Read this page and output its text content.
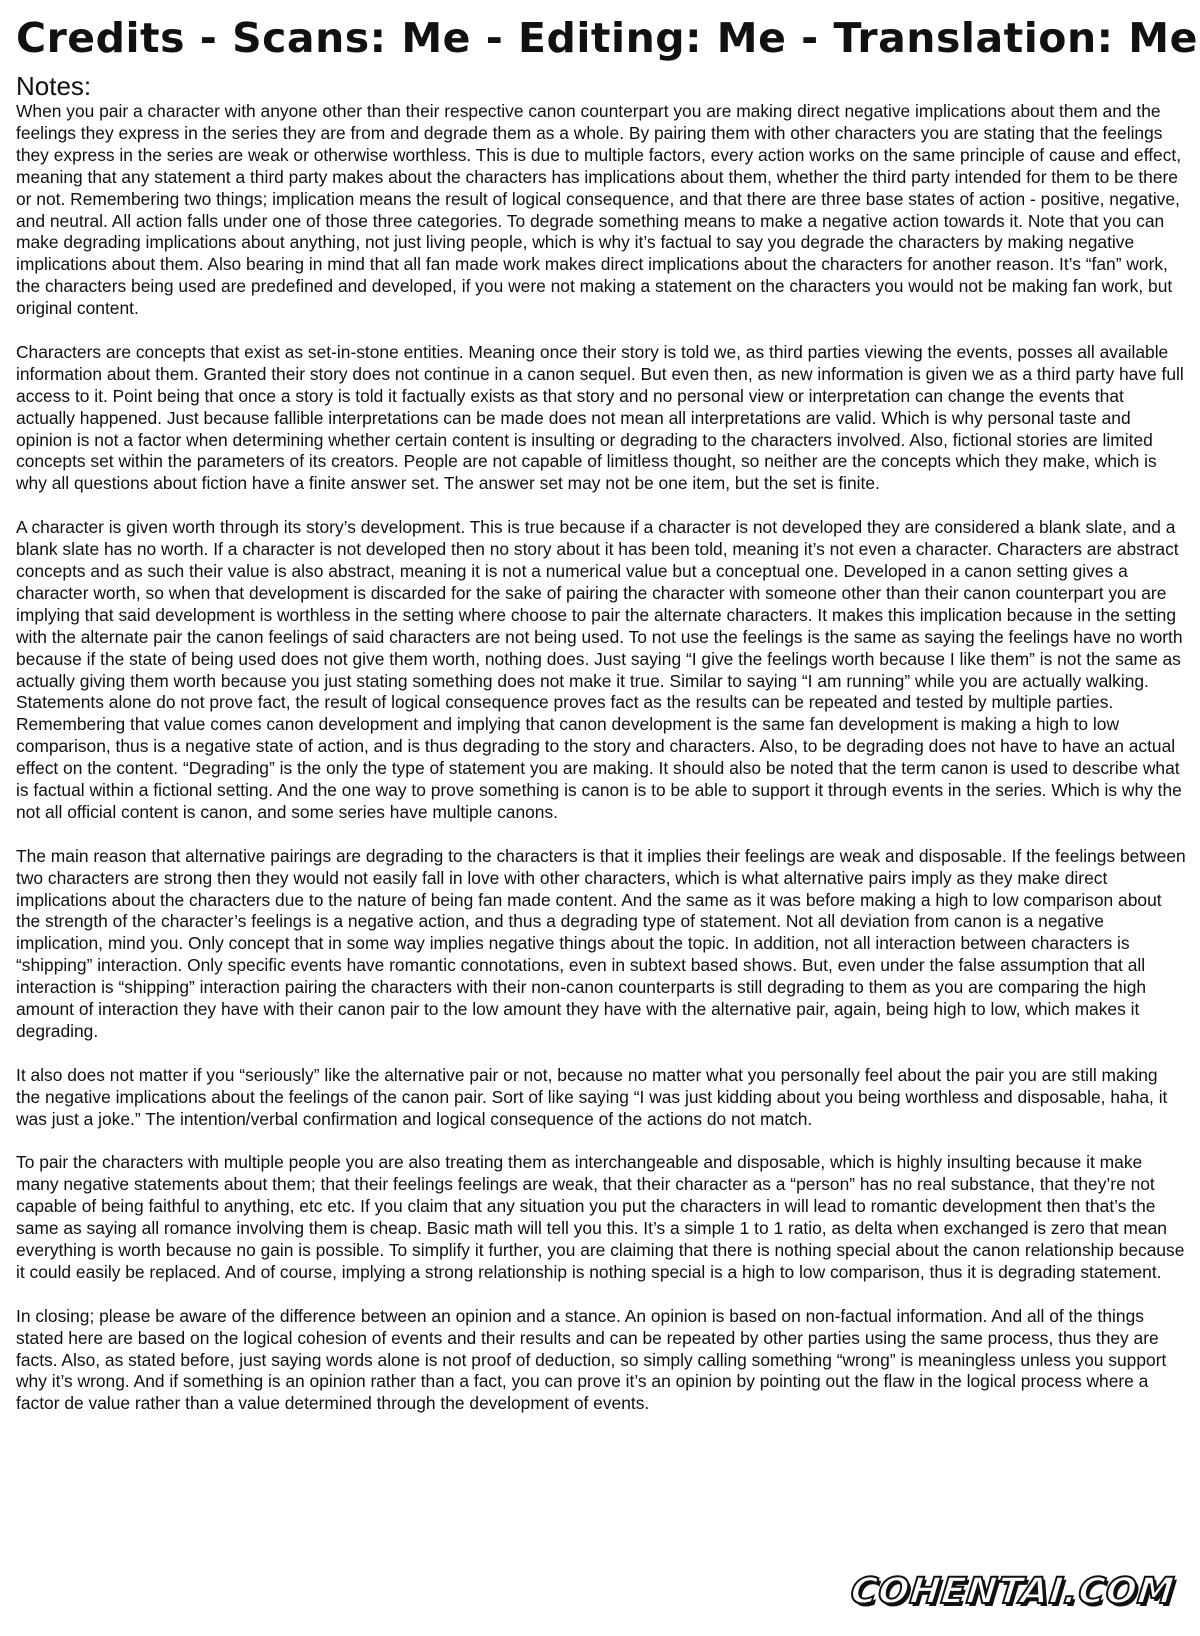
Credits - Scans: Me - Editing: Me - Translation: Me
Notes:

When you pair a character with anyone other than their respective canon counterpart you are making direct negative implications about them and the feelings they express in the series they are from and degrade them as a whole. By pairing them with other characters you are stating that the feelings they express in the series are weak or otherwise worthless. This is due to multiple factors, every action works on the same principle of cause and effect, meaning that any statement a third party makes about the characters has implications about them, whether the third party intended for them to be there or not. Remembering two things; implication means the result of logical consequence, and that there are three base states of action - positive, negative, and neutral. All action falls under one of those three categories. To degrade something means to make a negative action towards it. Note that you can make degrading implications about anything, not just living people, which is why it’s factual to say you degrade the characters by making negative implications about them. Also bearing in mind that all fan made work makes direct implications about the characters for another reason. It’s “fan” work, the characters being used are predefined and developed, if you were not making a statement on the characters you would not be making fan work, but original content.

Characters are concepts that exist as set-in-stone entities. Meaning once their story is told we, as third parties viewing the events, posses all available information about them. Granted their story does not continue in a canon sequel. But even then, as new information is given we as a third party have full access to it. Point being that once a story is told it factually exists as that story and no personal view or interpretation can change the events that actually happened. Just because fallible interpretations can be made does not mean all interpretations are valid. Which is why personal taste and opinion is not a factor when determining whether certain content is insulting or degrading to the characters involved. Also, fictional stories are limited concepts set within the parameters of its creators. People are not capable of limitless thought, so neither are the concepts which they make, which is why all questions about fiction have a finite answer set. The answer set may not be one item, but the set is finite.

A character is given worth through its story’s development. This is true because if a character is not developed they are considered a blank slate, and a blank slate has no worth. If a character is not developed then no story about it has been told, meaning it’s not even a character. Characters are abstract concepts and as such their value is also abstract, meaning it is not a numerical value but a conceptual one. Developed in a canon setting gives a character worth, so when that development is discarded for the sake of pairing the character with someone other than their canon counterpart you are implying that said development is worthless in the setting where choose to pair the alternate characters. It makes this implication because in the setting with the alternate pair the canon feelings of said characters are not being used. To not use the feelings is the same as saying the feelings have no worth because if the state of being used does not give them worth, nothing does. Just saying “I give the feelings worth because I like them” is not the same as actually giving them worth because you just stating something does not make it true. Similar to saying “I am running” while you are actually walking. Statements alone do not prove fact, the result of logical consequence proves fact as the results can be repeated and tested by multiple parties. Remembering that value comes canon development and implying that canon development is the same fan development is making a high to low comparison, thus is a negative state of action, and is thus degrading to the story and characters. Also, to be degrading does not have to have an actual effect on the content. “Degrading” is the only the type of statement you are making. It should also be noted that the term canon is used to describe what is factual within a fictional setting. And the one way to prove something is canon is to be able to support it through events in the series. Which is why the not all official content is canon, and some series have multiple canons.

The main reason that alternative pairings are degrading to the characters is that it implies their feelings are weak and disposable. If the feelings between two characters are strong then they would not easily fall in love with other characters, which is what alternative pairs imply as they make direct implications about the characters due to the nature of being fan made content. And the same as it was before making a high to low comparison about the strength of the character’s feelings is a negative action, and thus a degrading type of statement. Not all deviation from canon is a negative implication, mind you. Only concept that in some way implies negative things about the topic. In addition, not all interaction between characters is “shipping” interaction. Only specific events have romantic connotations, even in subtext based shows. But, even under the false assumption that all interaction is “shipping” interaction pairing the characters with their non-canon counterparts is still degrading to them as you are comparing the high amount of interaction they have with their canon pair to the low amount they have with the alternative pair, again, being high to low, which makes it degrading.

It also does not matter if you “seriously” like the alternative pair or not, because no matter what you personally feel about the pair you are still making the negative implications about the feelings of the canon pair. Sort of like saying “I was just kidding about you being worthless and disposable, haha, it was just a joke.” The intention/verbal confirmation and logical consequence of the actions do not match.

To pair the characters with multiple people you are also treating them as interchangeable and disposable, which is highly insulting because it make many negative statements about them; that their feelings feelings are weak, that their character as a “person” has no real substance, that they’re not capable of being faithful to anything, etc etc. If you claim that any situation you put the characters in will lead to romantic development then that’s the same as saying all romance involving them is cheap. Basic math will tell you this. It’s a simple 1 to 1 ratio, as delta when exchanged is zero that mean everything is worth because no gain is possible. To simplify it further, you are claiming that there is nothing special about the canon relationship because it could easily be replaced. And of course, implying a strong relationship is nothing special is a high to low comparison, thus it is degrading statement.

In closing; please be aware of the difference between an opinion and a stance. An opinion is based on non-factual information. And all of the things stated here are based on the logical cohesion of events and their results and can be repeated by other parties using the same process, thus they are facts. Also, as stated before, just saying words alone is not proof of deduction, so simply calling something “wrong” is meaningless unless you support why it’s wrong. And if something is an opinion rather than a fact, you can prove it’s an opinion by pointing out the flaw in the logical process where a factor de value rather than a value determined through the development of events.

COHENTAI.COM
